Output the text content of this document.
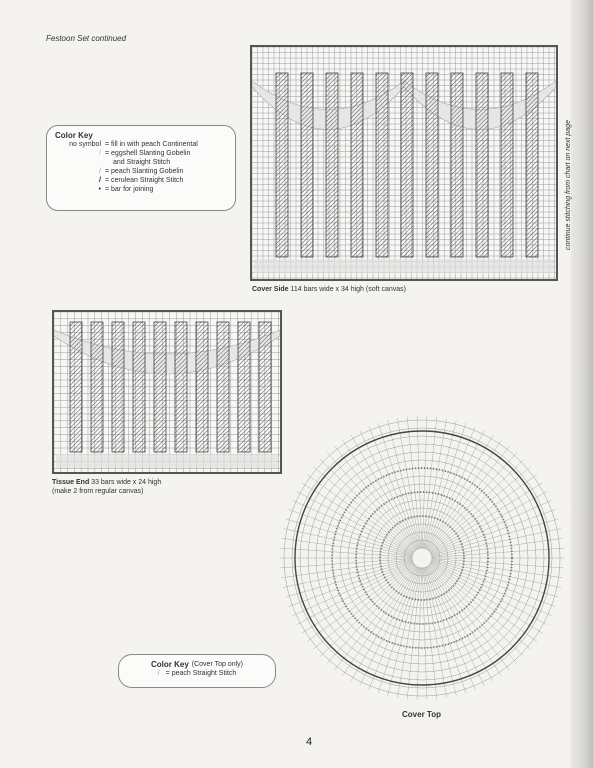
Festoon Set continued
Cover Side 114 bars wide x 34 high (soft canvas)
continue stitching from chart on next page
Color Key
no symbol = fill in with peach Continental
/ = eggshell Slanting Gobelin
and Straight Stitch
/ = peach Slanting Gobelin
/ = cerulean Straight Stitch
• = bar for joining
Tissue End 33 bars wide x 24 high
(make 2 from regular canvas)
Cover Top
Color Key (Cover Top only)
/ = peach Straight Stitch
4
